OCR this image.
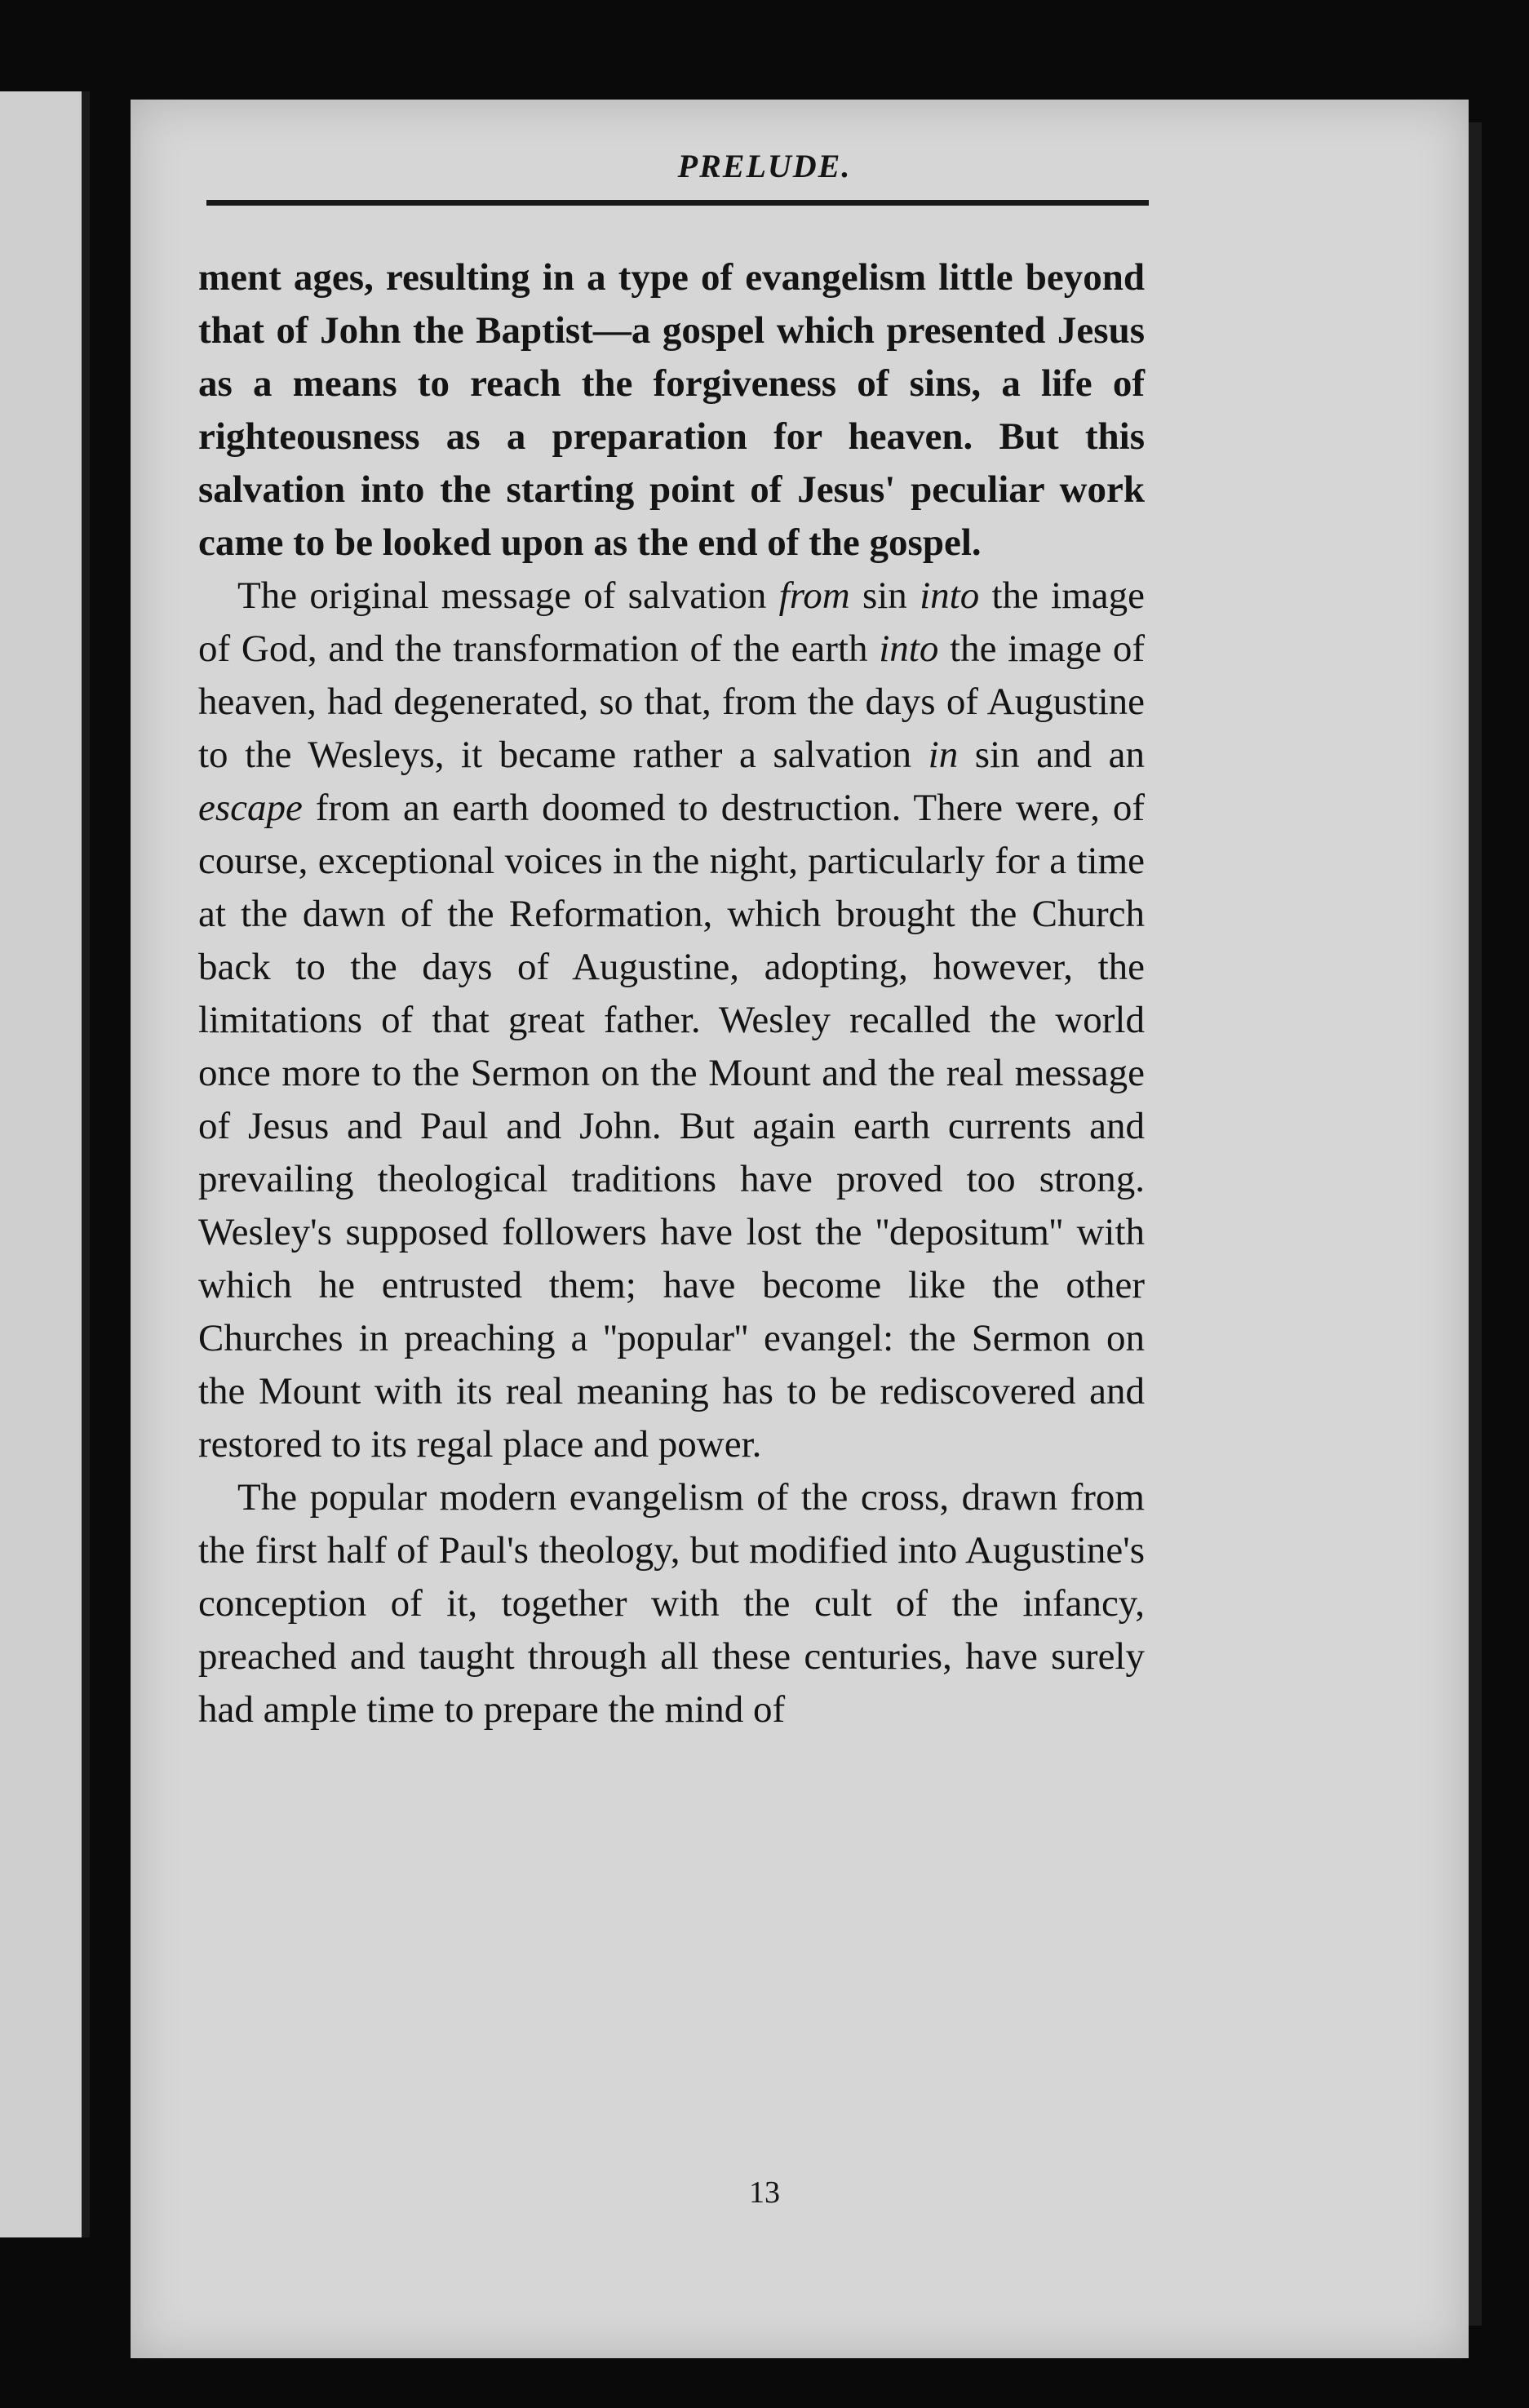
PRELUDE.

ment ages, resulting in a type of evangelism little beyond that of John the Baptist—a gospel which presented Jesus as a means to reach the forgiveness of sins, a life of righteousness as a preparation for heaven. But this salvation into the starting point of Jesus' peculiar work came to be looked upon as the end of the gospel.

The original message of salvation from sin into the image of God, and the transformation of the earth into the image of heaven, had degenerated, so that, from the days of Augustine to the Wesleys, it became rather a salvation in sin and an escape from an earth doomed to destruction. There were, of course, exceptional voices in the night, particularly for a time at the dawn of the Reformation, which brought the Church back to the days of Augustine, adopting, however, the limitations of that great father. Wesley recalled the world once more to the Sermon on the Mount and the real message of Jesus and Paul and John. But again earth currents and prevailing theological traditions have proved too strong. Wesley's supposed followers have lost the ''depositum'' with which he entrusted them; have become like the other Churches in preaching a ''popular'' evangel: the Sermon on the Mount with its real meaning has to be rediscovered and restored to its regal place and power.

The popular modern evangelism of the cross, drawn from the first half of Paul's theology, but modified into Augustine's conception of it, together with the cult of the infancy, preached and taught through all these centuries, have surely had ample time to prepare the mind of

13
